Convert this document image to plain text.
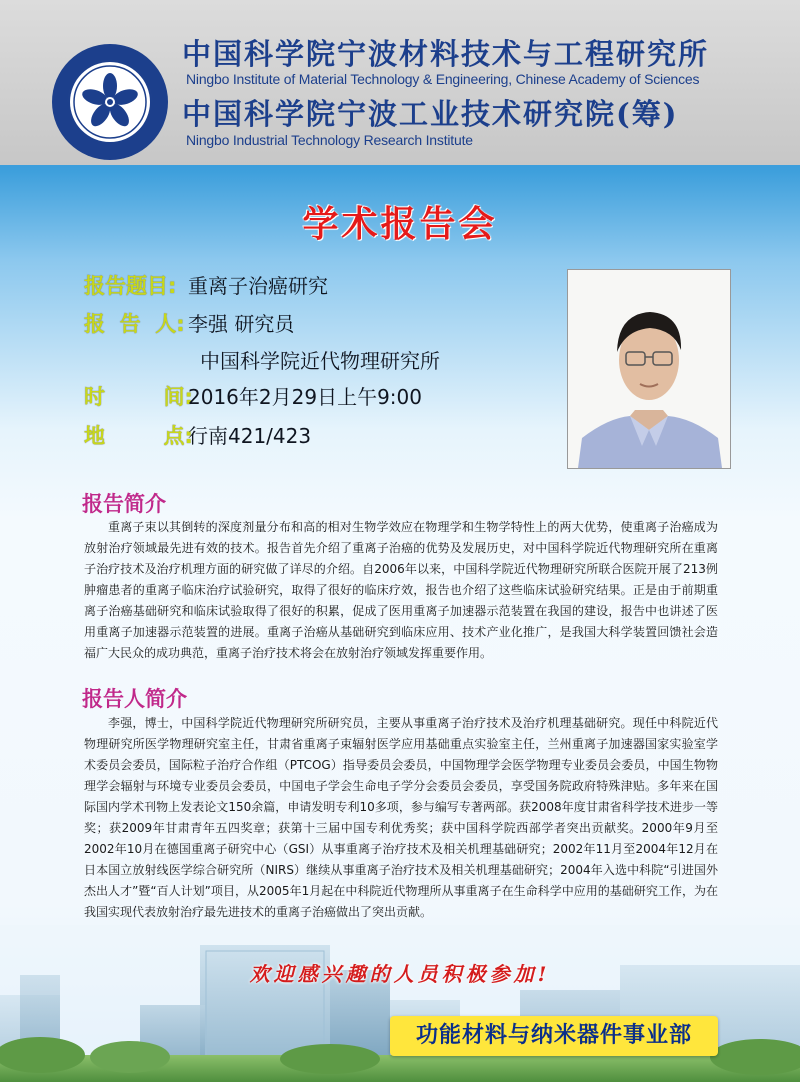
中国科学院宁波材料技术与工程研究所
Ningbo Institute of Material Technology & Engineering, Chinese Academy of Sciences
中国科学院宁波工业技术研究院(筹)
Ningbo Industrial Technology Research Institute
学术报告会
报告题目: 重离子治癌研究
报  告  人: 李强 研究员
中国科学院近代物理研究所
时        间:
2016年2月29日上午9:00
地        点:
行南421/423
报告简介

重离子束以其倒转的深度剂量分布和高的相对生物学效应在物理学和生物学特性上的两大优势，使重离子治癌成为放射治疗领域最先进有效的技术。报告首先介绍了重离子治癌的优势及发展历史，对中国科学院近代物理研究所在重离子治疗技术及治疗机理方面的研究做了详尽的介绍。自2006年以来，中国科学院近代物理研究所联合医院开展了213例肿瘤患者的重离子临床治疗试验研究，取得了很好的临床疗效，报告也介绍了这些临床试验研究结果。正是由于前期重离子治癌基础研究和临床试验取得了很好的积累，促成了医用重离子加速器示范装置在我国的建设，报告中也讲述了医用重离子加速器示范装置的进展。重离子治癌从基础研究到临床应用、技术产业化推广，是我国大科学装置回馈社会造福广大民众的成功典范，重离子治疗技术将会在放射治疗领域发挥重要作用。

报告人简介

李强，博士，中国科学院近代物理研究所研究员，主要从事重离子治疗技术及治疗机理基础研究。现任中科院近代物理研究所医学物理研究室主任，甘肃省重离子束辐射医学应用基础重点实验室主任，兰州重离子加速器国家实验室学术委员会委员，国际粒子治疗合作组（PTCOG）指导委员会委员，中国物理学会医学物理专业委员会委员，中国生物物理学会辐射与环境专业委员会委员，中国电子学会生命电子学分会委员会委员，享受国务院政府特殊津贴。多年来在国际国内学术刊物上发表论文150余篇，申请发明专利10多项，参与编写专著两部。获2008年度甘肃省科学技术进步一等奖；获2009年甘肃青年五四奖章；获第十三届中国专利优秀奖；获中国科学院西部学者突出贡献奖。2000年9月至2002年10月在德国重离子研究中心（GSI）从事重离子治疗技术及相关机理基础研究；2002年11月至2004年12月在日本国立放射线医学综合研究所（NIRS）继续从事重离子治疗技术及相关机理基础研究；2004年入选中科院“引进国外杰出人才”暨“百人计划”项目，从2005年1月起在中科院近代物理所从事重离子在生命科学中应用的基础研究工作，为在我国实现代表放射治疗最先进技术的重离子治癌做出了突出贡献。

欢迎感兴趣的人员积极参加!
功能材料与纳米器件事业部
